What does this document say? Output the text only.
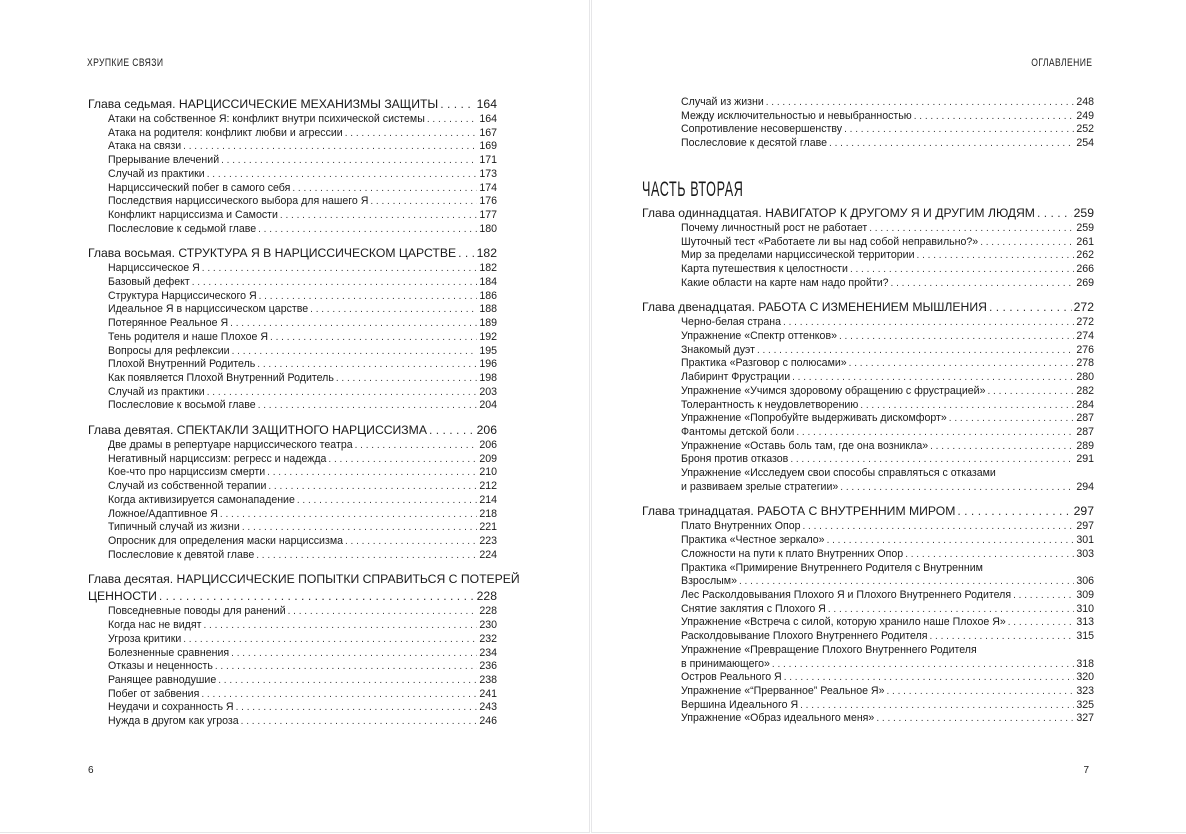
ХРУПКИЕ СВЯЗИ
Глава седьмая. НАРЦИССИЧЕСКИЕ МЕХАНИЗМЫ ЗАЩИТЫ . . .	164
Атаки на собственное Я: конфликт внутри психической системы . . .	164
Атака на родителя: конфликт любви и агрессии . . .	167
Атака на связи . . .	169
Прерывание влечений . . .	171
Случай из практики . . .	173
Нарциссический побег в самого себя . . .	174
Последствия нарциссического выбора для нашего Я . . .	176
Конфликт нарциссизма и Самости . . .	177
Послесловие к седьмой главе . . .	180
Глава восьмая. СТРУКТУРА Я В НАРЦИССИЧЕСКОМ ЦАРСТВЕ . . . 182
Нарциссическое Я . . .	182
Базовый дефект . . .	184
Структура Нарциссического Я . . .	186
Идеальное Я в нарциссическом царстве . . .	188
Потерянное Реальное Я . . .	189
Тень родителя и наше Плохое Я . . .	192
Вопросы для рефлексии . . .	195
Плохой Внутренний Родитель . . .	196
Как появляется Плохой Внутренний Родитель . . .	198
Случай из практики . . .	203
Послесловие к восьмой главе . . .	204
Глава девятая. СПЕКТАКЛИ ЗАЩИТНОГО НАРЦИССИЗМА . . .	206
Две драмы в репертуаре нарциссического театра . . .	206
Негативный нарциссизм: регресс и надежда . . .	209
Кое-что про нарциссизм смерти . . .	210
Случай из собственной терапии . . .	212
Когда активизируется самонападение . . .	214
Ложное/Адаптивное Я . . .	218
Типичный случай из жизни . . .	221
Опросник для определения маски нарциссизма . . .	223
Послесловие к девятой главе . . .	224
Глава десятая. НАРЦИССИЧЕСКИЕ ПОПЫТКИ СПРАВИТЬСЯ С ПОТЕРЕЙ
ЦЕННОСТИ . . .	228
Повседневные поводы для ранений . . .	228
Когда нас не видят . . .	230
Угроза критики . . .	232
Болезненные сравнения . . .	234
Отказы и неценность . . .	236
Ранящее равнодушие . . .	238
Побег от забвения . . .	241
Неудачи и сохранность Я . . .	243
Нужда в другом как угроза . . .	246
6
ОГЛАВЛЕНИЕ
Случай из жизни . . .	248
Между исключительностью и невыбранностью . . .	249
Сопротивление несовершенству . . .	252
Послесловие к десятой главе . . .	254
ЧАСТЬ ВТОРАЯ
Глава одиннадцатая. НАВИГАТОР К ДРУГОМУ Я И ДРУГИМ ЛЮДЯМ . . .	259
Почему личностный рост не работает . . .	259
Шуточный тест «Работаете ли вы над собой неправильно?» . . .	261
Мир за пределами нарциссической территории . . .	262
Карта путешествия к целостности . . .	266
Какие области на карте нам надо пройти? . . .	269
Глава двенадцатая. РАБОТА С ИЗМЕНЕНИЕМ МЫШЛЕНИЯ . . .	272
Черно-белая страна . . .	272
Упражнение «Спектр оттенков» . . .	274
Знакомый дуэт . . .	276
Практика «Разговор с полюсами» . . .	278
Лабиринт Фрустрации . . .	280
Упражнение «Учимся здоровому обращению с фрустрацией» . . .	282
Толерантность к неудовлетворению . . .	284
Упражнение «Попробуйте выдерживать дискомфорт» . . .	287
Фантомы детской боли . . .	287
Упражнение «Оставь боль там, где она возникла» . . .	289
Броня против отказов . . .	291
Упражнение «Исследуем свои способы справляться с отказами
и развиваем зрелые стратегии» . . .	294
Глава тринадцатая. РАБОТА С ВНУТРЕННИМ МИРОМ . . .	297
Плато Внутренних Опор . . .	297
Практика «Честное зеркало» . . .	301
Сложности на пути к плато Внутренних Опор . . .	303
Практика «Примирение Внутреннего Родителя с Внутренним
Взрослым» . . .	306
Лес Расколдовывания Плохого Я и Плохого Внутреннего Родителя . . .	309
Снятие заклятия с Плохого Я . . .	310
Упражнение «Встреча с силой, которую хранило наше Плохое Я» . . .	313
Расколдовывание Плохого Внутреннего Родителя . . .	315
Упражнение «Превращение Плохого Внутреннего Родителя
в принимающего» . . .	318
Остров Реального Я . . .	320
Упражнение «“Прерванное” Реальное Я» . . .	323
Вершина Идеального Я . . .	325
Упражнение «Образ идеального меня» . . .	327
7
